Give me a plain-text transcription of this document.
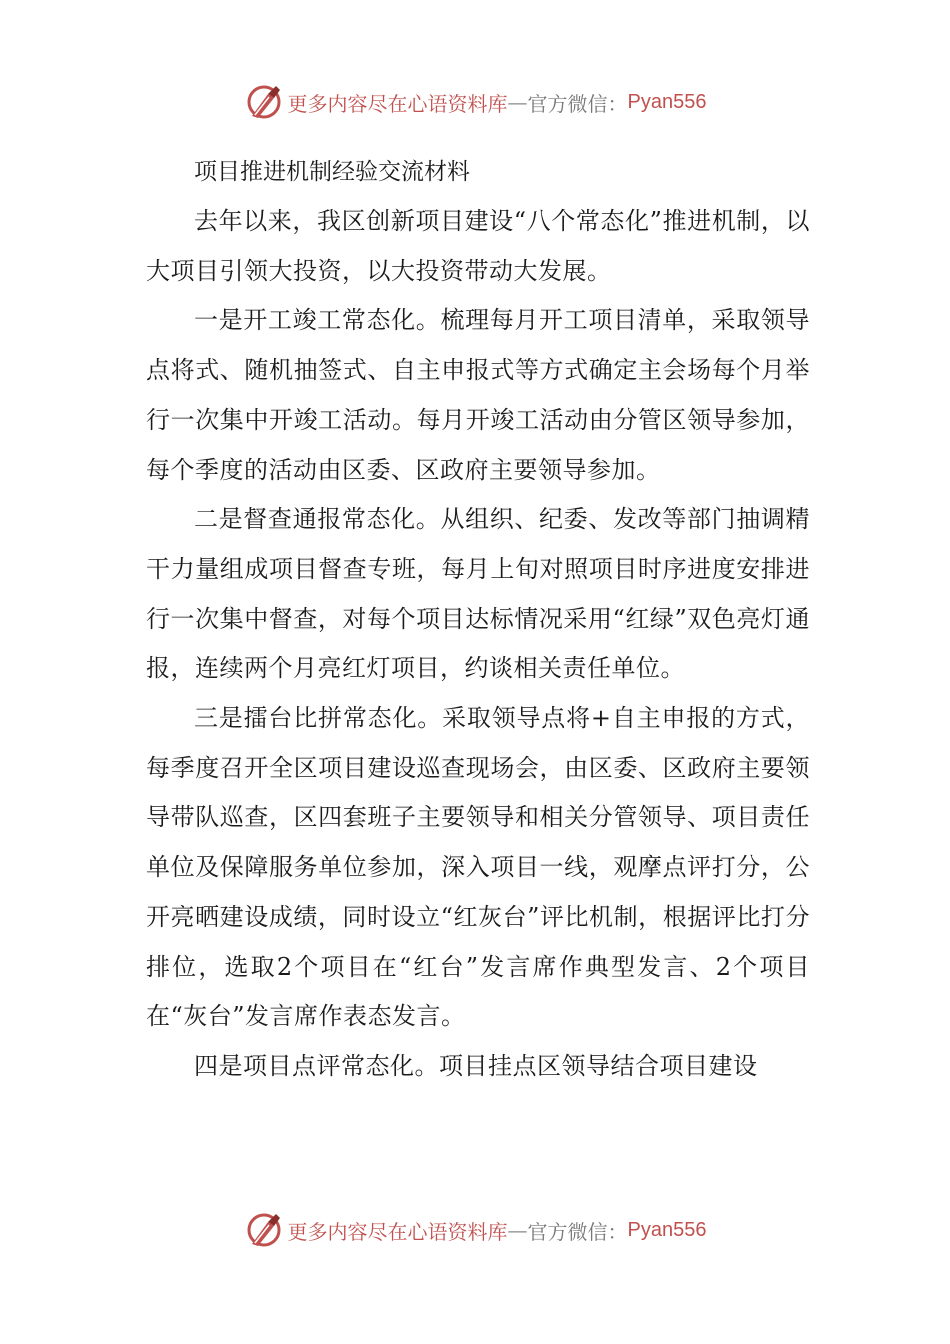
更多内容尽在心语资料库 — 官方微信： Pyan556
项目推进机制经验交流材料

去年以来，我区创新项目建设“八个常态化”推进机制，以大项目引领大投资，以大投资带动大发展。

一是开工竣工常态化。梳理每月开工项目清单，采取领导点将式、随机抽签式、自主申报式等方式确定主会场每个月举行一次集中开竣工活动。每月开竣工活动由分管区领导参加，每个季度的活动由区委、区政府主要领导参加。

二是督查通报常态化。从组织、纪委、发改等部门抽调精干力量组成项目督查专班，每月上旬对照项目时序进度安排进行一次集中督查，对每个项目达标情况采用“红绿”双色亮灯通报，连续两个月亮红灯项目，约谈相关责任单位。

三是擂台比拼常态化。采取领导点将+自主申报的方式，每季度召开全区项目建设巡查现场会，由区委、区政府主要领导带队巡查，区四套班子主要领导和相关分管领导、项目责任单位及保障服务单位参加，深入项目一线，观摩点评打分，公开亮晒建设成绩，同时设立“红灰台”评比机制，根据评比打分排位，选取2个项目在“红台”发言席作典型发言、2个项目在“灰台”发言席作表态发言。

四是项目点评常态化。项目挂点区领导结合项目建设

更多内容尽在心语资料库 — 官方微信： Pyan556
